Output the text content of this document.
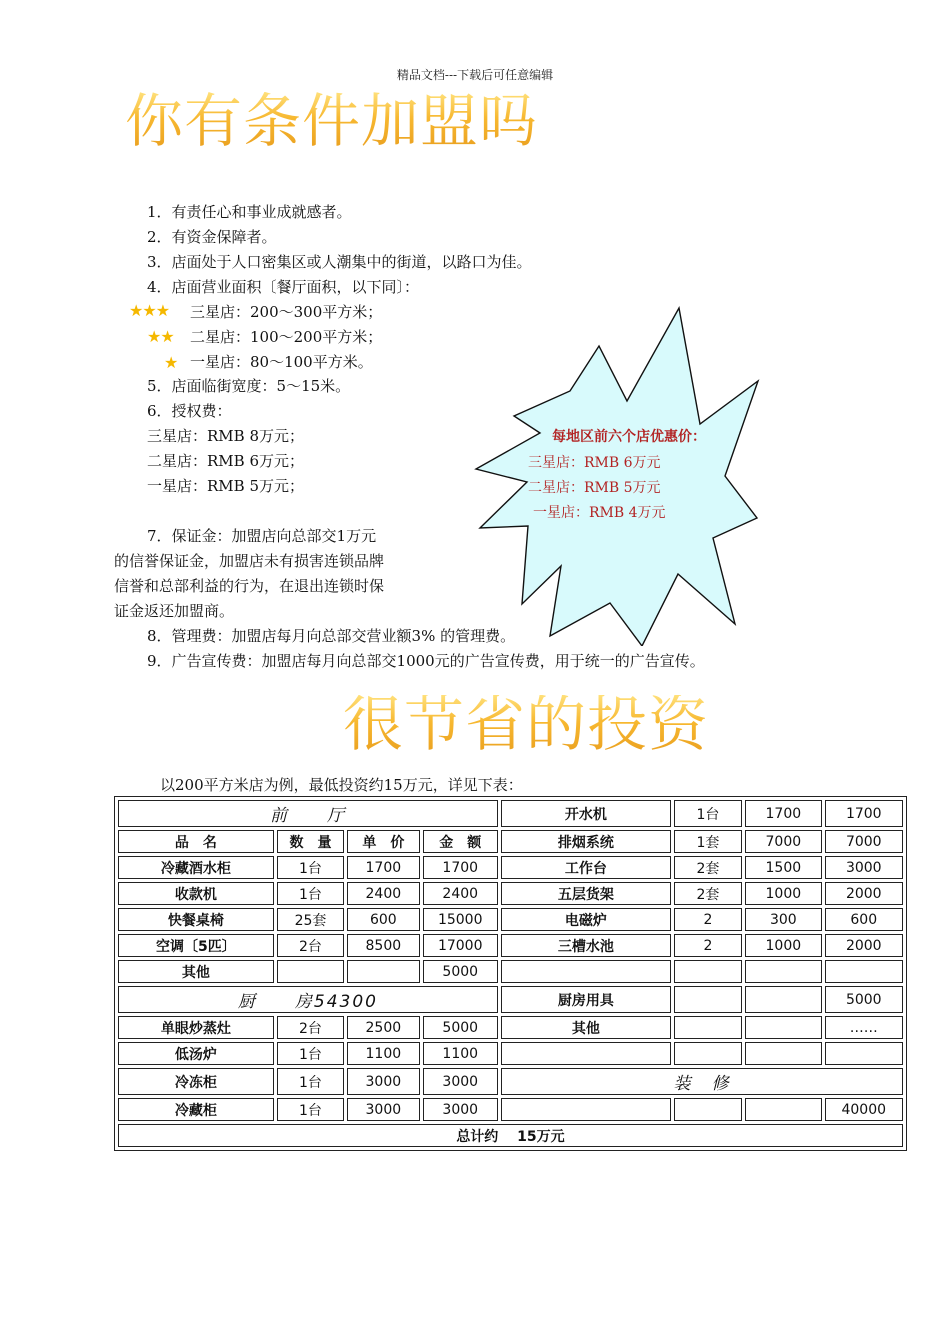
精品文档---下载后可任意编辑
你有条件加盟吗
1．有责任心和事业成就感者。
2．有资金保障者。
3．店面处于人口密集区或人潮集中的街道，以路口为佳。
4．店面营业面积〔餐厅面积，以下同〕：
★★★ 三星店：200～300平方米；
★★ 二星店：100～200平方米；
★ 一星店：80～100平方米。
5．店面临街宽度：5～15米。
6．授权费：
三星店：RMB 8万元；
二星店：RMB 6万元；
一星店：RMB 5万元；
7．保证金：加盟店向总部交1万元
的信誉保证金，加盟店未有损害连锁品牌
信誉和总部利益的行为，在退出连锁时保
证金返还加盟商。
每地区前六个店优惠价：
三星店：RMB 6万元
二星店：RMB 5万元
一星店：RMB 4万元
8．管理费：加盟店每月向总部交营业额3% 的管理费。
9．广告宣传费：加盟店每月向总部交1000元的广告宣传费，用于统一的广告宣传。
很节省的投资
以200平方米店为例，最低投资约15万元，详见下表：
前　　厅				开水机	1台	1700	1700
品　名	数　量	单　价	金　额	排烟系统	1套	7000	7000
冷藏酒水柜	1台	1700	1700	工作台	2套	1500	3000
收款机	1台	2400	2400	五层货架	2套	1000	2000
快餐桌椅	25套	600	15000	电磁炉	2	300	600
空调〔5匹〕	2台	8500	17000	三槽水池	2	1000	2000
其他			5000				
厨　　房54300				厨房用具			5000
单眼炒蒸灶	2台	2500	5000	其他			……
低汤炉	1台	1100	1100				
冷冻柜	1台	3000	3000	装　修			
冷藏柜	1台	3000	3000				40000
总计约　 15万元							
